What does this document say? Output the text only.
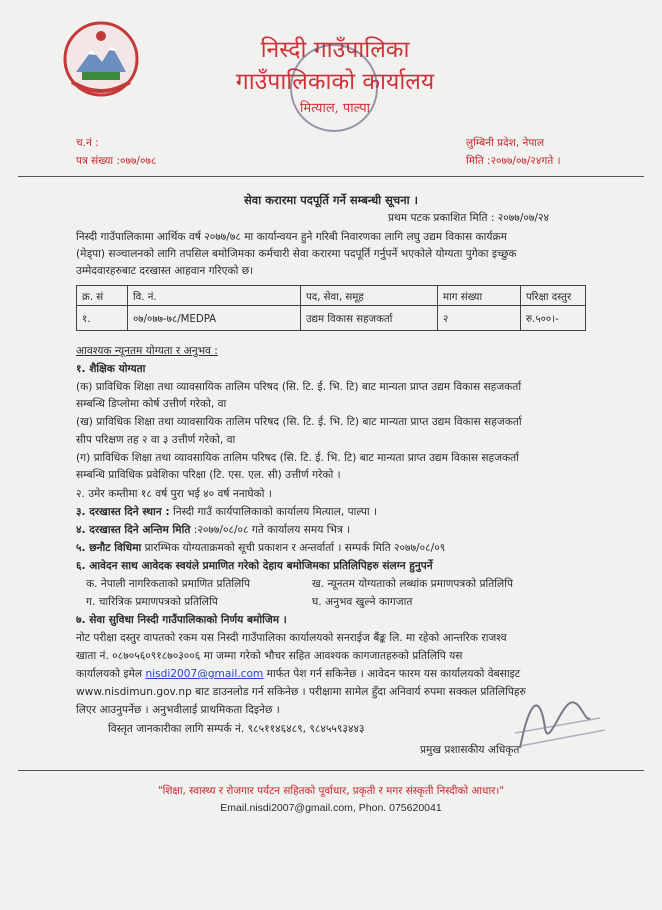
निस्दी गाउँपालिका
गाउँपालिकाको कार्यालय
मित्याल, पाल्पा
च.नं :
पत्र संख्या :०७७/०७८
लुम्बिनी प्रदेश, नेपाल
मिति :२०७७/०७/२४गते ।
सेवा करारमा पदपूर्ति गर्ने सम्बन्धी सूचना ।
प्रथम पटक प्रकाशित मिति : २०७७/०७/२४
निस्दी गाउँपालिकामा आर्थिक वर्ष २०७७/७८ मा कार्यान्वयन हुने गरिबी निवारणका लागि लघु उद्यम विकास कार्यक्रम
(मेड्पा) सञ्चालनको लागि तपसिल बमोजिमका कर्मचारी सेवा करारमा पदपूर्ति गर्नुपर्ने भएकोले योग्यता पुगेका इच्छुक
उम्मेदवारहरुबाट दरखास्त आहवान गरिएको छ।
क्र. सं	वि. नं.	पद, सेवा, समूह	माग संख्या	परिक्षा दस्तुर
१.	०७/०७७-७८/MEDPA	उद्यम विकास सहजकर्ता	२	रु.५००।-
आवश्यक न्यूनतम योग्यता र अनुभव :
१. शैक्षिक योग्यता
(क) प्राविधिक शिक्षा तथा व्यावसायिक तालिम परिषद (सि. टि. ई. भि. टि) बाट मान्यता प्राप्त उद्यम विकास सहजकर्ता
सम्बन्धि डिप्लोमा कोर्ष उत्तीर्ण गरेको, वा
(ख) प्राविधिक शिक्षा तथा व्यावसायिक तालिम परिषद (सि. टि. ई. भि. टि) बाट मान्यता प्राप्त उद्यम विकास सहजकर्ता
सीप परिक्षण तह २ वा ३ उत्तीर्ण गरेको, वा
(ग) प्राविधिक शिक्षा तथा व्यावसायिक तालिम परिषद (सि. टि. ई. भि. टि) बाट मान्यता प्राप्त उद्यम विकास सहजकर्ता
सम्बन्धि प्राविधिक प्रवेशिका परिक्षा (टि. एस. एल. सी) उत्तीर्ण गरेको ।
२. उमेर कम्तीमा १८ वर्ष पुरा भई ४० वर्ष ननाघेको ।
३. दरखास्त दिने स्थान : निस्दी गाउँ कार्यपालिकाको कार्यालय मित्याल, पाल्पा ।
४. दरखास्त दिने अन्तिम मिति :२०७७/०८/०८ गते कार्यालय समय भित्र ।
५. छनौट विधिमा प्रारम्भिक योग्यताक्रमको सूची प्रकाशन र अन्तर्वार्ता । सम्पर्क मिति २०७७/०८/०९
६. आवेदन साथ आवेदक स्वयंले प्रमाणित गरेको देहाय बमोजिमका प्रतिलिपिहरु संलग्न हुनुपर्ने
क. नेपाली नागरिकताको प्रमाणित प्रतिलिपि	ख. न्यूनतम योग्यताको लब्धांक प्रमाणपत्रको प्रतिलिपि
ग. चारित्रिक प्रमाणपत्रको प्रतिलिपि	घ. अनुभव खुल्ने कागजात
७. सेवा सुविधा निस्दी गाउँपालिकाको निर्णय बमोजिम ।
नोट परीक्षा दस्तुर वापतको रकम यस निस्दी गाउँपालिका कार्यालयको सनराईज बैंङ्क लि. मा रहेको आन्तरिक राजश्व
खाता नं. ०८७०५६०९१८७०३००६ मा जम्मा गरेको भौचर सहित आवश्यक कागजातहरुको प्रतिलिपि यस
कार्यालयको इमेल nisdi2007@gmail.com मार्फत पेश गर्न सकिनेछ । आवेदन फारम यस कार्यालयको वेबसाइट
www.nisdimun.gov.np बाट डाउनलोड गर्न सकिनेछ । परीक्षामा सामेल हुँदा अनिवार्य रुपमा सक्कल प्रतिलिपिहरु
लिएर आउनुपर्नेछ । अनुभवीलाई प्राथमिकता दिइनेछ ।
विस्तृत जानकारीका लागि सम्पर्क नं. ९८५११४६४८९, ९८४५५९३४४३
प्रमुख प्रशासकीय अधिकृत
"शिक्षा, स्वास्थ्य र रोजगार पर्यटन सहितको पूर्वाधार, प्रकृती र मगर संस्कृती निस्दीको आधार।"
Email.nisdi2007@gmail.com, Phon. 075620041
